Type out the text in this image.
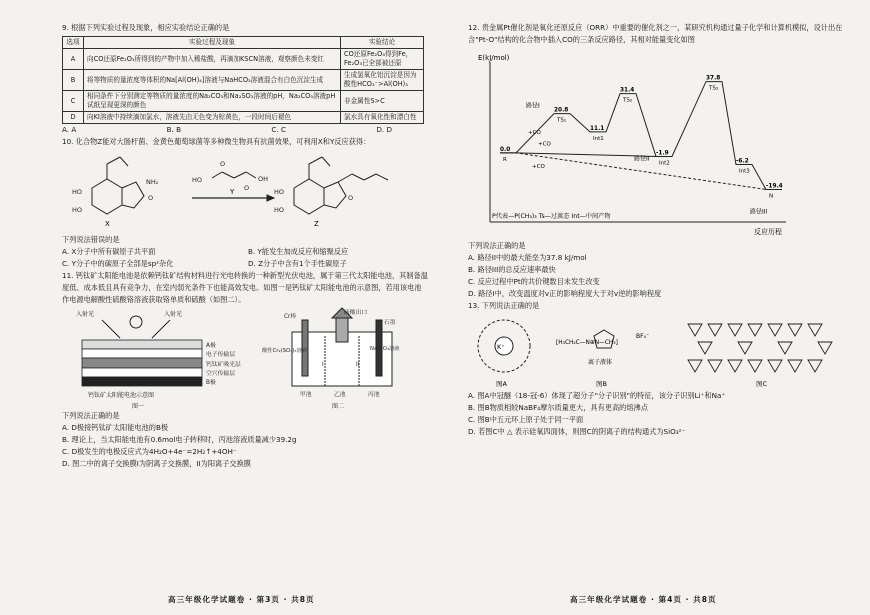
9. 根据下列实验过程及现象，相应实验结论正确的是

选项	实验过程及现象	实验结论
A	向CO还原Fe₂O₃所得到的产物中加入稀盐酸，再滴加KSCN溶液，观察颜色未变红	CO还原Fe₂O₃得到Fe，Fe₂O₃已全部被还原
B	将等物质的量浓度等体积的Na[Al(OH)₄]溶液与NaHCO₃溶液混合有白色沉淀生成	生成氢氧化铝沉淀是因为酸性HCO₃⁻>Al(OH)₃
C	相同条件下分别测定等物质的量浓度的Na₂CO₃和Na₂SO₃溶液的pH，Na₂CO₃溶液pH试纸呈现更深的颜色	非金属性S>C
D	向KI溶液中持续滴加氯水，溶液先由无色变为棕黄色，一段时间后褪色	氯水具有氧化性和漂白性
A. A	B. B	C. C	D. D

10. 化合物Z能对大肠杆菌、金黄色葡萄球菌等多种微生物具有抗菌效果，可利用X和Y反应获得：

HO
HO
NH₂
O
HO	OH
O
O	HO
HO
O
X
Y
Z

下列说法错误的是

A. X分子中所有碳原子共平面	B. Y能发生加成反应和缩聚反应
C. Y分子中的碳原子全部是sp²杂化	D. Z分子中含有1个手性碳原子

11. 钙钛矿太阳能电池是依赖钙钛矿结构材料进行光电转换的一种新型光伏电池，属于第三代太阳能电池，其制备温度低、成本低且具有竞争力，在室内弱光条件下也能高效发电。如图一是钙钛矿太阳能电池的示意图，若用该电池作电源电解酸性硫酸铬溶液获取铬单质和硫酸（如图二）。

入射光	入射光
A极
电子传输层
钙钛矿吸光层
空穴传输层
B极
钙钛矿太阳能电池示意图
图一
硫酸出口
Cr棒
石墨
酸性Cr₂(SO₄)₃溶液	Na₂SO₄溶液
I	II
甲池	乙池	丙池
图二

下列说法正确的是

A. D极接钙钛矿太阳能电池的B极
B. 理论上，当太阳能电池有0.6mol电子转移时，丙池溶液质量减少39.2g
C. D极发生的电极反应式为4H₂O+4e⁻=2H₂↑+4OH⁻
D. 图二中的离子交换膜I为阴离子交换膜，II为阳离子交换膜
高三年级化学试题卷 · 第3页 · 共8页

12. 贵金属Pt催化剂是氧化还原反应（ORR）中重要的催化剂之一，某研究机构通过量子化学和计算机模拟，设计出在含"Pt-O"结构的化合物中插入CO的三条反应路径，其相对能量变化如图

E(kJ/mol)
反应历程
路径I
路径II
路径III
0.0
20.8
11.1
31.4
-1.9
37.8
-6.2
-19.4
R
TS₁
Int1
TS₂
Int2
TS₃
Int3
N
+CO
+CO
+CO
P代表—P(CH₃)₃ Ts—过渡态 Int—中间产物

下列说法正确的是

A. 路径II中的最大能垒为37.8 kJ/mol
B. 路径III的总反应速率最快
C. 反应过程中Pt的共价键数目未发生改变
D. 路径I中，改变温度对v正的影响程度大于对v逆的影响程度

13. 下列说法正确的是

K⁺
图A
[H₃CH₂C—N⊕N—CH₃]
BF₄⁻
离子液体
图B	图C
A. 图A中冠醚（18-冠-6）体现了超分子"分子识别"的特征，该分子识别Li⁺和Na⁺
B. 图B物质相较NaBF₄摩尔质量更大，具有更高的熔沸点
C. 图B中五元环上原子处于同一平面
D. 若图C中 △ 表示硅氧四面体，则图C的阴离子的结构通式为SiO₃²⁻
高三年级化学试题卷 · 第4页 · 共8页
